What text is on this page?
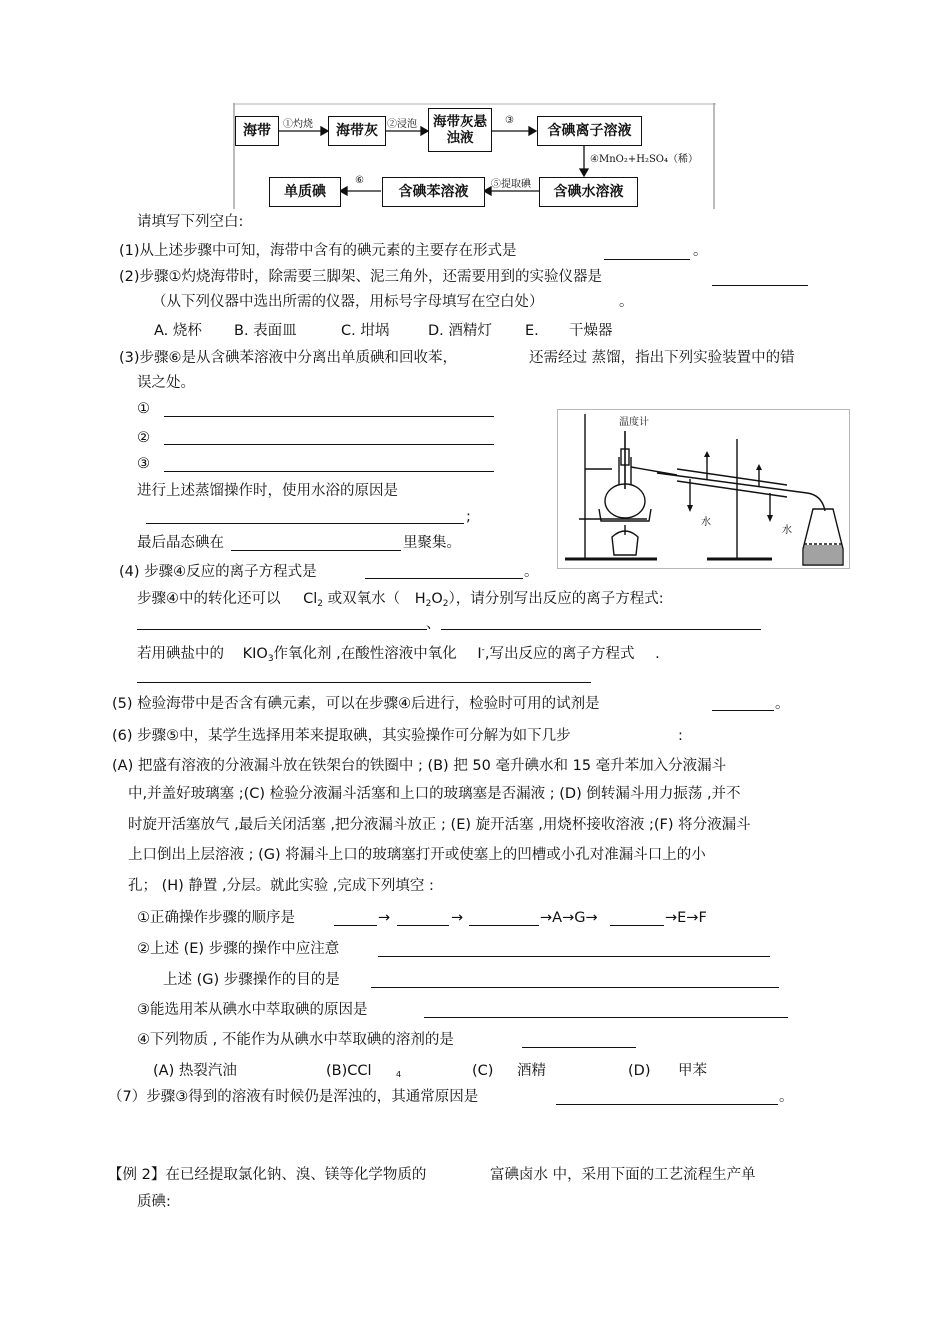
海带	海带灰
海带灰悬浊液	含碘离子溶液
含碘水溶液
含碘苯溶液
单质碘
①灼烧	②浸泡	③
④MnO₂+H₂SO₄（稀）
⑤提取碘
⑥
请填写下列空白:
(1)从上述步骤中可知，海带中含有的碘元素的主要存在形式是	。
(2)步骤①灼烧海带时，除需要三脚架、泥三角外，还需要用到的实验仪器是
（从下列仪器中选出所需的仪器，用标号字母填写在空白处）	。
A. 烧杯 B. 表面皿	C. 坩埚	D. 酒精灯 E. 干燥器
(3)步骤⑥是从含碘苯溶液中分离出单质碘和回收苯，	还需经过 蒸馏，指出下列实验装置中的错
误之处。
①
②
③
进行上述蒸馏操作时，使用水浴的原因是
;
最后晶态碘在	里聚集。
温度计
水
水
(4) 步骤④反应的离子方程式是	。
步骤④中的转化还可以 $Cl_2$ 或双氧水（ $H_2O_2$），请分别写出反应的离子方程式:
、
若用碘盐中的 $KIO_3$作氧化剂 ,在酸性溶液中氧化 I-,写出反应的离子方程式 .
(5) 检验海带中是否含有碘元素，可以在步骤④后进行，检验时可用的试剂是	。
(6) 步骤⑤中，某学生选择用苯来提取碘，其实验操作可分解为如下几步	:
(A) 把盛有溶液的分液漏斗放在铁架台的铁圈中 ; (B) 把 50 毫升碘水和 15 毫升苯加入分液漏斗
中,并盖好玻璃塞 ;(C) 检验分液漏斗活塞和上口的玻璃塞是否漏液 ; (D) 倒转漏斗用力振荡 ,并不
时旋开活塞放气 ,最后关闭活塞 ,把分液漏斗放正 ; (E) 旋开活塞 ,用烧杯接收溶液 ;(F) 将分液漏斗
上口倒出上层溶液 ; (G) 将漏斗上口的玻璃塞打开或使塞上的凹槽或小孔对准漏斗口上的小
孔； (H) 静置 ,分层。就此实验 ,完成下列填空 :
①正确操作步骤的顺序是	→	→	→A→G→	→E→F
②上述 (E) 步骤的操作中应注意
上述 (G) 步骤操作的目的是
③能选用苯从碘水中萃取碘的原因是
④下列物质 , 不能作为从碘水中萃取碘的溶剂的是
(A) 热裂汽油	(B)CCl	4	(C) 酒精	(D) 甲苯
（7）步骤③得到的溶液有时候仍是浑浊的，其通常原因是	。
【例 2】在已经提取氯化钠、溴、镁等化学物质的	富碘卤水 中，采用下面的工艺流程生产单
质碘:
